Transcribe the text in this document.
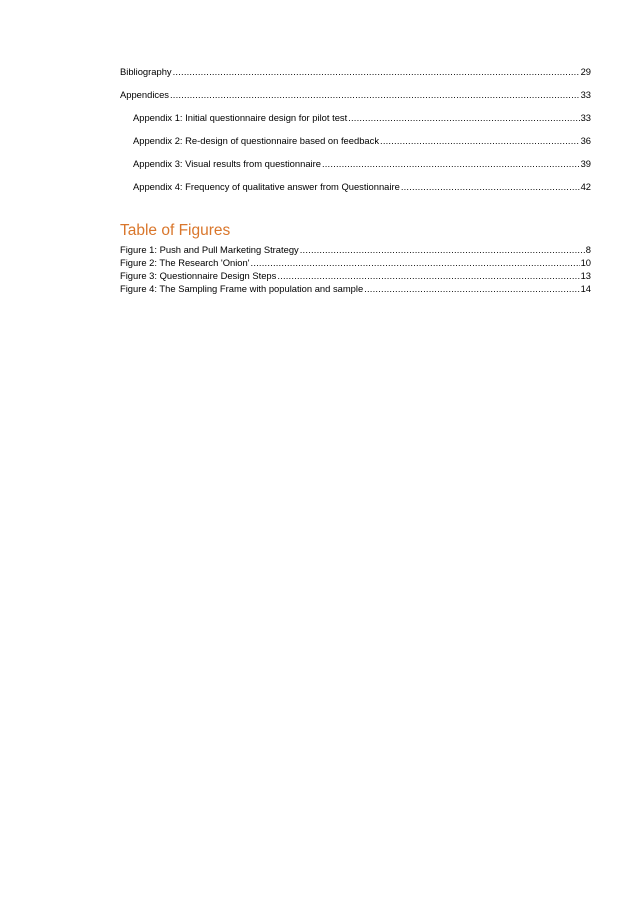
Bibliography .....	29
Appendices .....	33
Appendix 1: Initial questionnaire design for pilot test .....	33
Appendix 2: Re-design of questionnaire based on feedback .....	36
Appendix 3: Visual results from questionnaire .....	39
Appendix 4: Frequency of qualitative answer from Questionnaire .....	42
Table of Figures
Figure 1: Push and Pull Marketing Strategy .....	8
Figure 2: The Research 'Onion' .....	10
Figure 3: Questionnaire Design Steps .....	13
Figure 4: The Sampling Frame with population and sample .....	14
